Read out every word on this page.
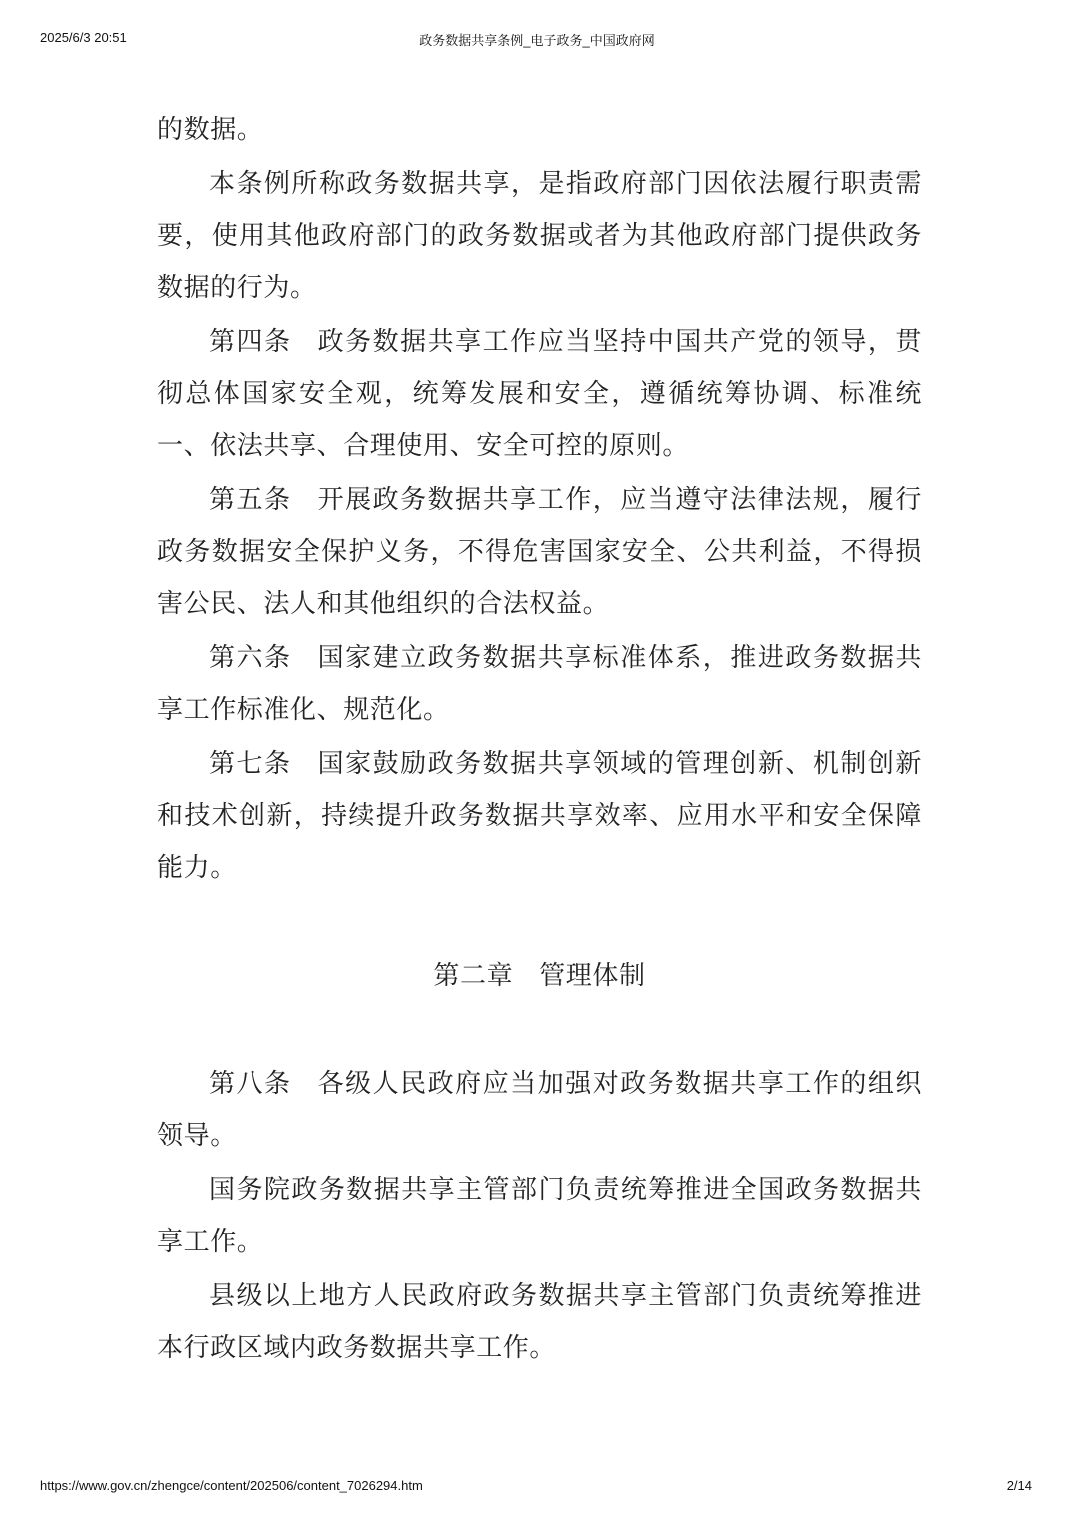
2025/6/3 20:51	政务数据共享条例_电子政务_中国政府网

的数据。

本条例所称政务数据共享，是指政府部门因依法履行职责需要，使用其他政府部门的政务数据或者为其他政府部门提供政务数据的行为。

第四条 政务数据共享工作应当坚持中国共产党的领导，贯彻总体国家安全观，统筹发展和安全，遵循统筹协调、标准统一、依法共享、合理使用、安全可控的原则。

第五条 开展政务数据共享工作，应当遵守法律法规，履行政务数据安全保护义务，不得危害国家安全、公共利益，不得损害公民、法人和其他组织的合法权益。

第六条 国家建立政务数据共享标准体系，推进政务数据共享工作标准化、规范化。

第七条 国家鼓励政务数据共享领域的管理创新、机制创新和技术创新，持续提升政务数据共享效率、应用水平和安全保障能力。

第二章 管理体制

第八条 各级人民政府应当加强对政务数据共享工作的组织领导。

国务院政务数据共享主管部门负责统筹推进全国政务数据共享工作。

县级以上地方人民政府政务数据共享主管部门负责统筹推进本行政区域内政务数据共享工作。

https://www.gov.cn/zhengce/content/202506/content_7026294.htm	2/14
